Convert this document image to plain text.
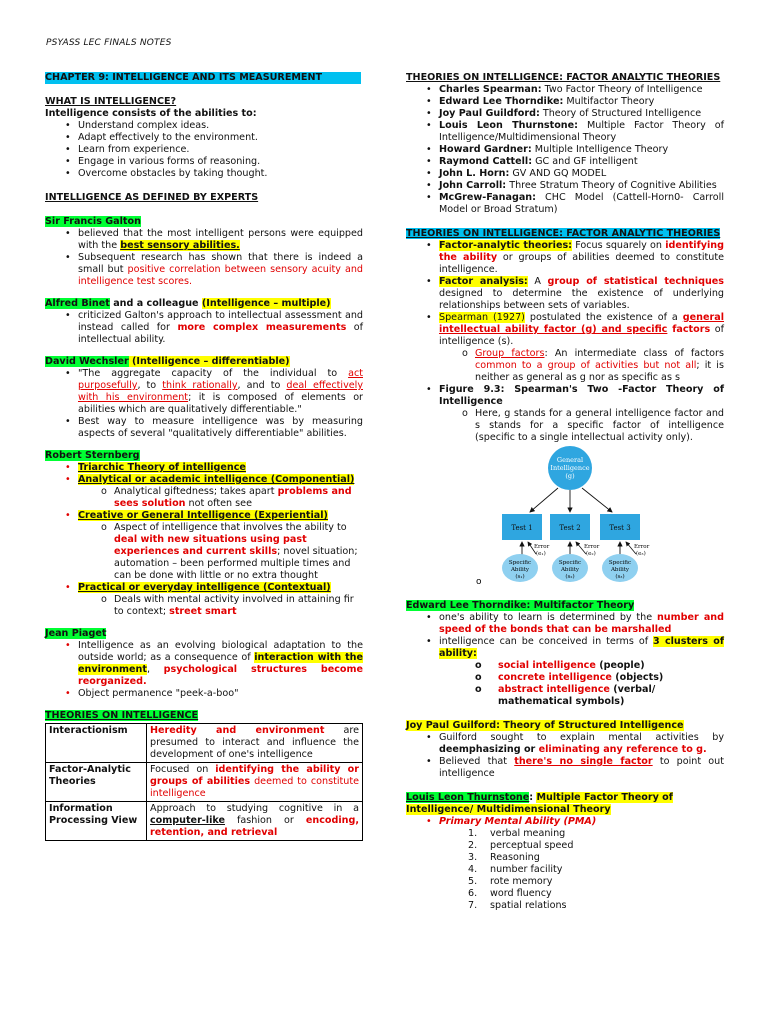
PSYASS LEC FINALS NOTES
CHAPTER 9: INTELLIGENCE AND ITS MEASUREMENT
WHAT IS INTELLIGENCE?
Intelligence consists of the abilities to:
• Understand complex ideas.
• Adapt effectively to the environment.
• Learn from experience.
• Engage in various forms of reasoning.
• Overcome obstacles by taking thought.
INTELLIGENCE AS DEFINED BY EXPERTS
Sir Francis Galton
• believed that the most intelligent persons were equipped with the best sensory abilities.
• Subsequent research has shown that there is indeed a small but positive correlation between sensory acuity and intelligence test scores.
Alfred Binet and a colleague (Intelligence – multiple)
• criticized Galton's approach to intellectual assessment and instead called for more complex measurements of intellectual ability.
David Wechsler (Intelligence – differentiable)
• "The aggregate capacity of the individual to act purposefully, to think rationally, and to deal effectively with his environment; it is composed of elements or abilities which are qualitatively differentiable."
• Best way to measure intelligence was by measuring aspects of several "qualitatively differentiable" abilities.
Robert Sternberg
• Triarchic Theory of intelligence
• Analytical or academic intelligence (Componential)
o Analytical giftedness; takes apart problems and sees solution not often see
• Creative or General Intelligence (Experiential)
o Aspect of intelligence that involves the ability to deal with new situations using past experiences and current skills; novel situation; automation – been performed multiple times and can be done with little or no extra thought
• Practical or everyday intelligence (Contextual)
o Deals with mental activity involved in attaining fir to context; street smart
Jean Piaget
• Intelligence as an evolving biological adaptation to the outside world; as a consequence of interaction with the environment, psychological structures become reorganized.
• Object permanence "peek-a-boo"
THEORIES ON INTELLIGENCE
Interactionism	Heredity and environment are presumed to interact and influence the development of one's intelligence
Factor-Analytic Theories	Focused on identifying the ability or groups of abilities deemed to constitute intelligence
Information Processing View	Approach to studying cognitive in a computer-like fashion or encoding, retention, and retrieval
THEORIES ON INTELLIGENCE: FACTOR ANALYTIC THEORIES
• Charles Spearman: Two Factor Theory of Intelligence
• Edward Lee Thorndike: Multifactor Theory
• Joy Paul Guildford: Theory of Structured Intelligence
• Louis Leon Thurnstone: Multiple Factor Theory of Intelligence/Multidimensional Theory
• Howard Gardner: Multiple Intelligence Theory
• Raymond Cattell: GC and GF intelligent
• John L. Horn: GV AND GQ MODEL
• John Carroll: Three Stratum Theory of Cognitive Abilities
• McGrew-Fanagan: CHC Model (Cattell-Horn0- Carroll Model or Broad Stratum)
THEORIES ON INTELLIGENCE: FACTOR ANALYTIC THEORIES
• Factor-analytic theories: Focus squarely on identifying the ability or groups of abilities deemed to constitute intelligence.
• Factor analysis: A group of statistical techniques designed to determine the existence of underlying relationships between sets of variables.
• Spearman (1927) postulated the existence of a general intellectual ability factor (g) and specific factors of intelligence (s).
o Group factors: An intermediate class of factors common to a group of activities but not all; it is neither as general as g nor as specific as s
• Figure 9.3: Spearman's Two -Factor Theory of Intelligence
o Here, g stands for a general intelligence factor and s stands for a specific factor of intelligence (specific to a single intellectual activity only).
General
Intelligence
(g)
Test 1	Test 2	Test 3
Error
(e₁)
Error
(e₂)
Error
(e₃)
Specific
Ability
(s₁)
Specific
Ability
(s₂)
Specific
Ability
(s₃)
o
Edward Lee Thorndike: Multifactor Theory
• one's ability to learn is determined by the number and speed of the bonds that can be marshalled
• intelligence can be conceived in terms of 3 clusters of ability:
o social intelligence (people)
o concrete intelligence (objects)
o abstract intelligence (verbal/ mathematical symbols)
Joy Paul Guilford: Theory of Structured Intelligence
• Guilford sought to explain mental activities by deemphasizing or eliminating any reference to g.
• Believed that there's no single factor to point out intelligence
Louis Leon Thurnstone: Multiple Factor Theory of Intelligence/ Multidimensional Theory
• Primary Mental Ability (PMA)
1. verbal meaning
2. perceptual speed
3. Reasoning
4. number facility
5. rote memory
6. word fluency
7. spatial relations
